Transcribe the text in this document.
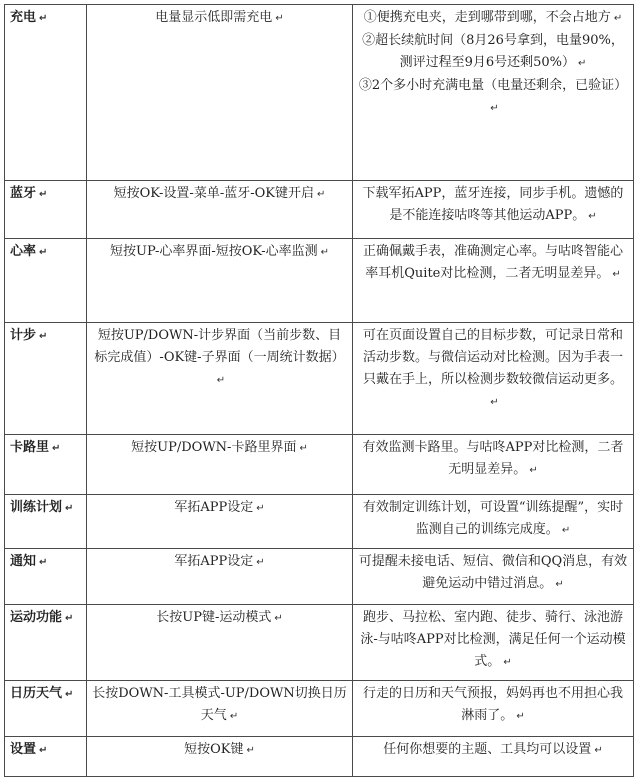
充电 ↵	电量显示低即需充电 ↵	①便携充电夹，走到哪带到哪，不会占地方 ↵
②超长续航时间（8月26号拿到，电量90%，测评过程至9月6号还剩50%） ↵
③2个多小时充满电量（电量还剩余，已验证）↵

蓝牙 ↵	短按OK-设置-菜单-蓝牙-OK键开启 ↵	下载军拓APP，蓝牙连接，同步手机。遗憾的是不能连接咕咚等其他运动APP。 ↵

心率 ↵	短按UP-心率界面-短按OK-心率监测 ↵	正确佩戴手表，准确测定心率。与咕咚智能心率耳机Quite对比检测，二者无明显差异。 ↵

计步 ↵	短按UP/DOWN-计步界面（当前步数、目标完成值）-OK键-子界面（一周统计数据）↵	可在页面设置自己的目标步数，可记录日常和活动步数。与微信运动对比检测。因为手表一只戴在手上，所以检测步数较微信运动更多。↵

卡路里 ↵	短按UP/DOWN-卡路里界面 ↵	有效监测卡路里。与咕咚APP对比检测，二者无明显差异。 ↵

训练计划 ↵	军拓APP设定 ↵	有效制定训练计划，可设置“训练提醒”，实时监测自己的训练完成度。 ↵

通知 ↵	军拓APP设定 ↵	可提醒未接电话、短信、微信和QQ消息，有效避免运动中错过消息。 ↵

运动功能 ↵	长按UP键-运动模式 ↵	跑步、马拉松、室内跑、徒步、骑行、泳池游泳-与咕咚APP对比检测，满足任何一个运动模式。 ↵

日历天气 ↵	长按DOWN-工具模式-UP/DOWN切换日历天气 ↵	行走的日历和天气预报，妈妈再也不用担心我淋雨了。 ↵

设置 ↵	短按OK键 ↵	任何你想要的主题、工具均可以设置 ↵
